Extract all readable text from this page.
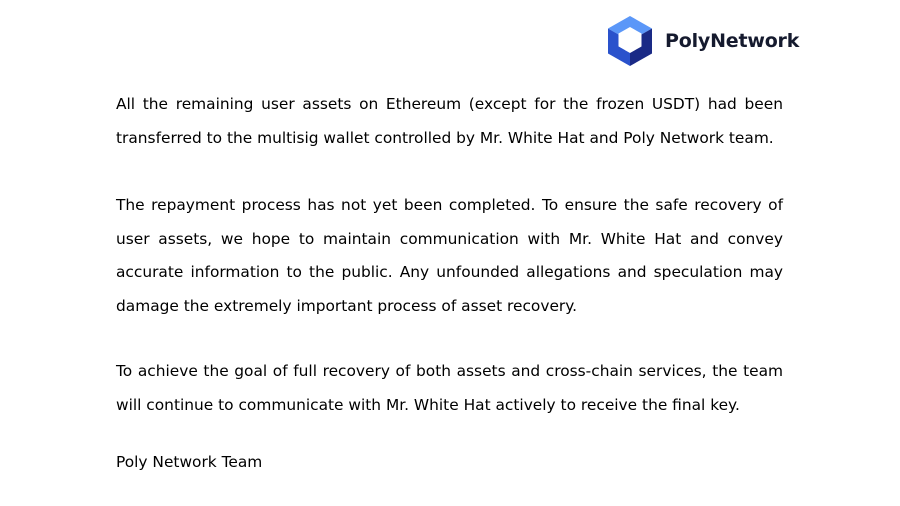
PolyNetwork

All the remaining user assets on Ethereum (except for the frozen USDT) had been transferred to the multisig wallet controlled by Mr. White Hat and Poly Network team.

The repayment process has not yet been completed. To ensure the safe recovery of user assets, we hope to maintain communication with Mr. White Hat and convey accurate information to the public. Any unfounded allegations and speculation may damage the extremely important process of asset recovery.

To achieve the goal of full recovery of both assets and cross-chain services, the team will continue to communicate with Mr. White Hat actively to receive the final key.

Poly Network Team
